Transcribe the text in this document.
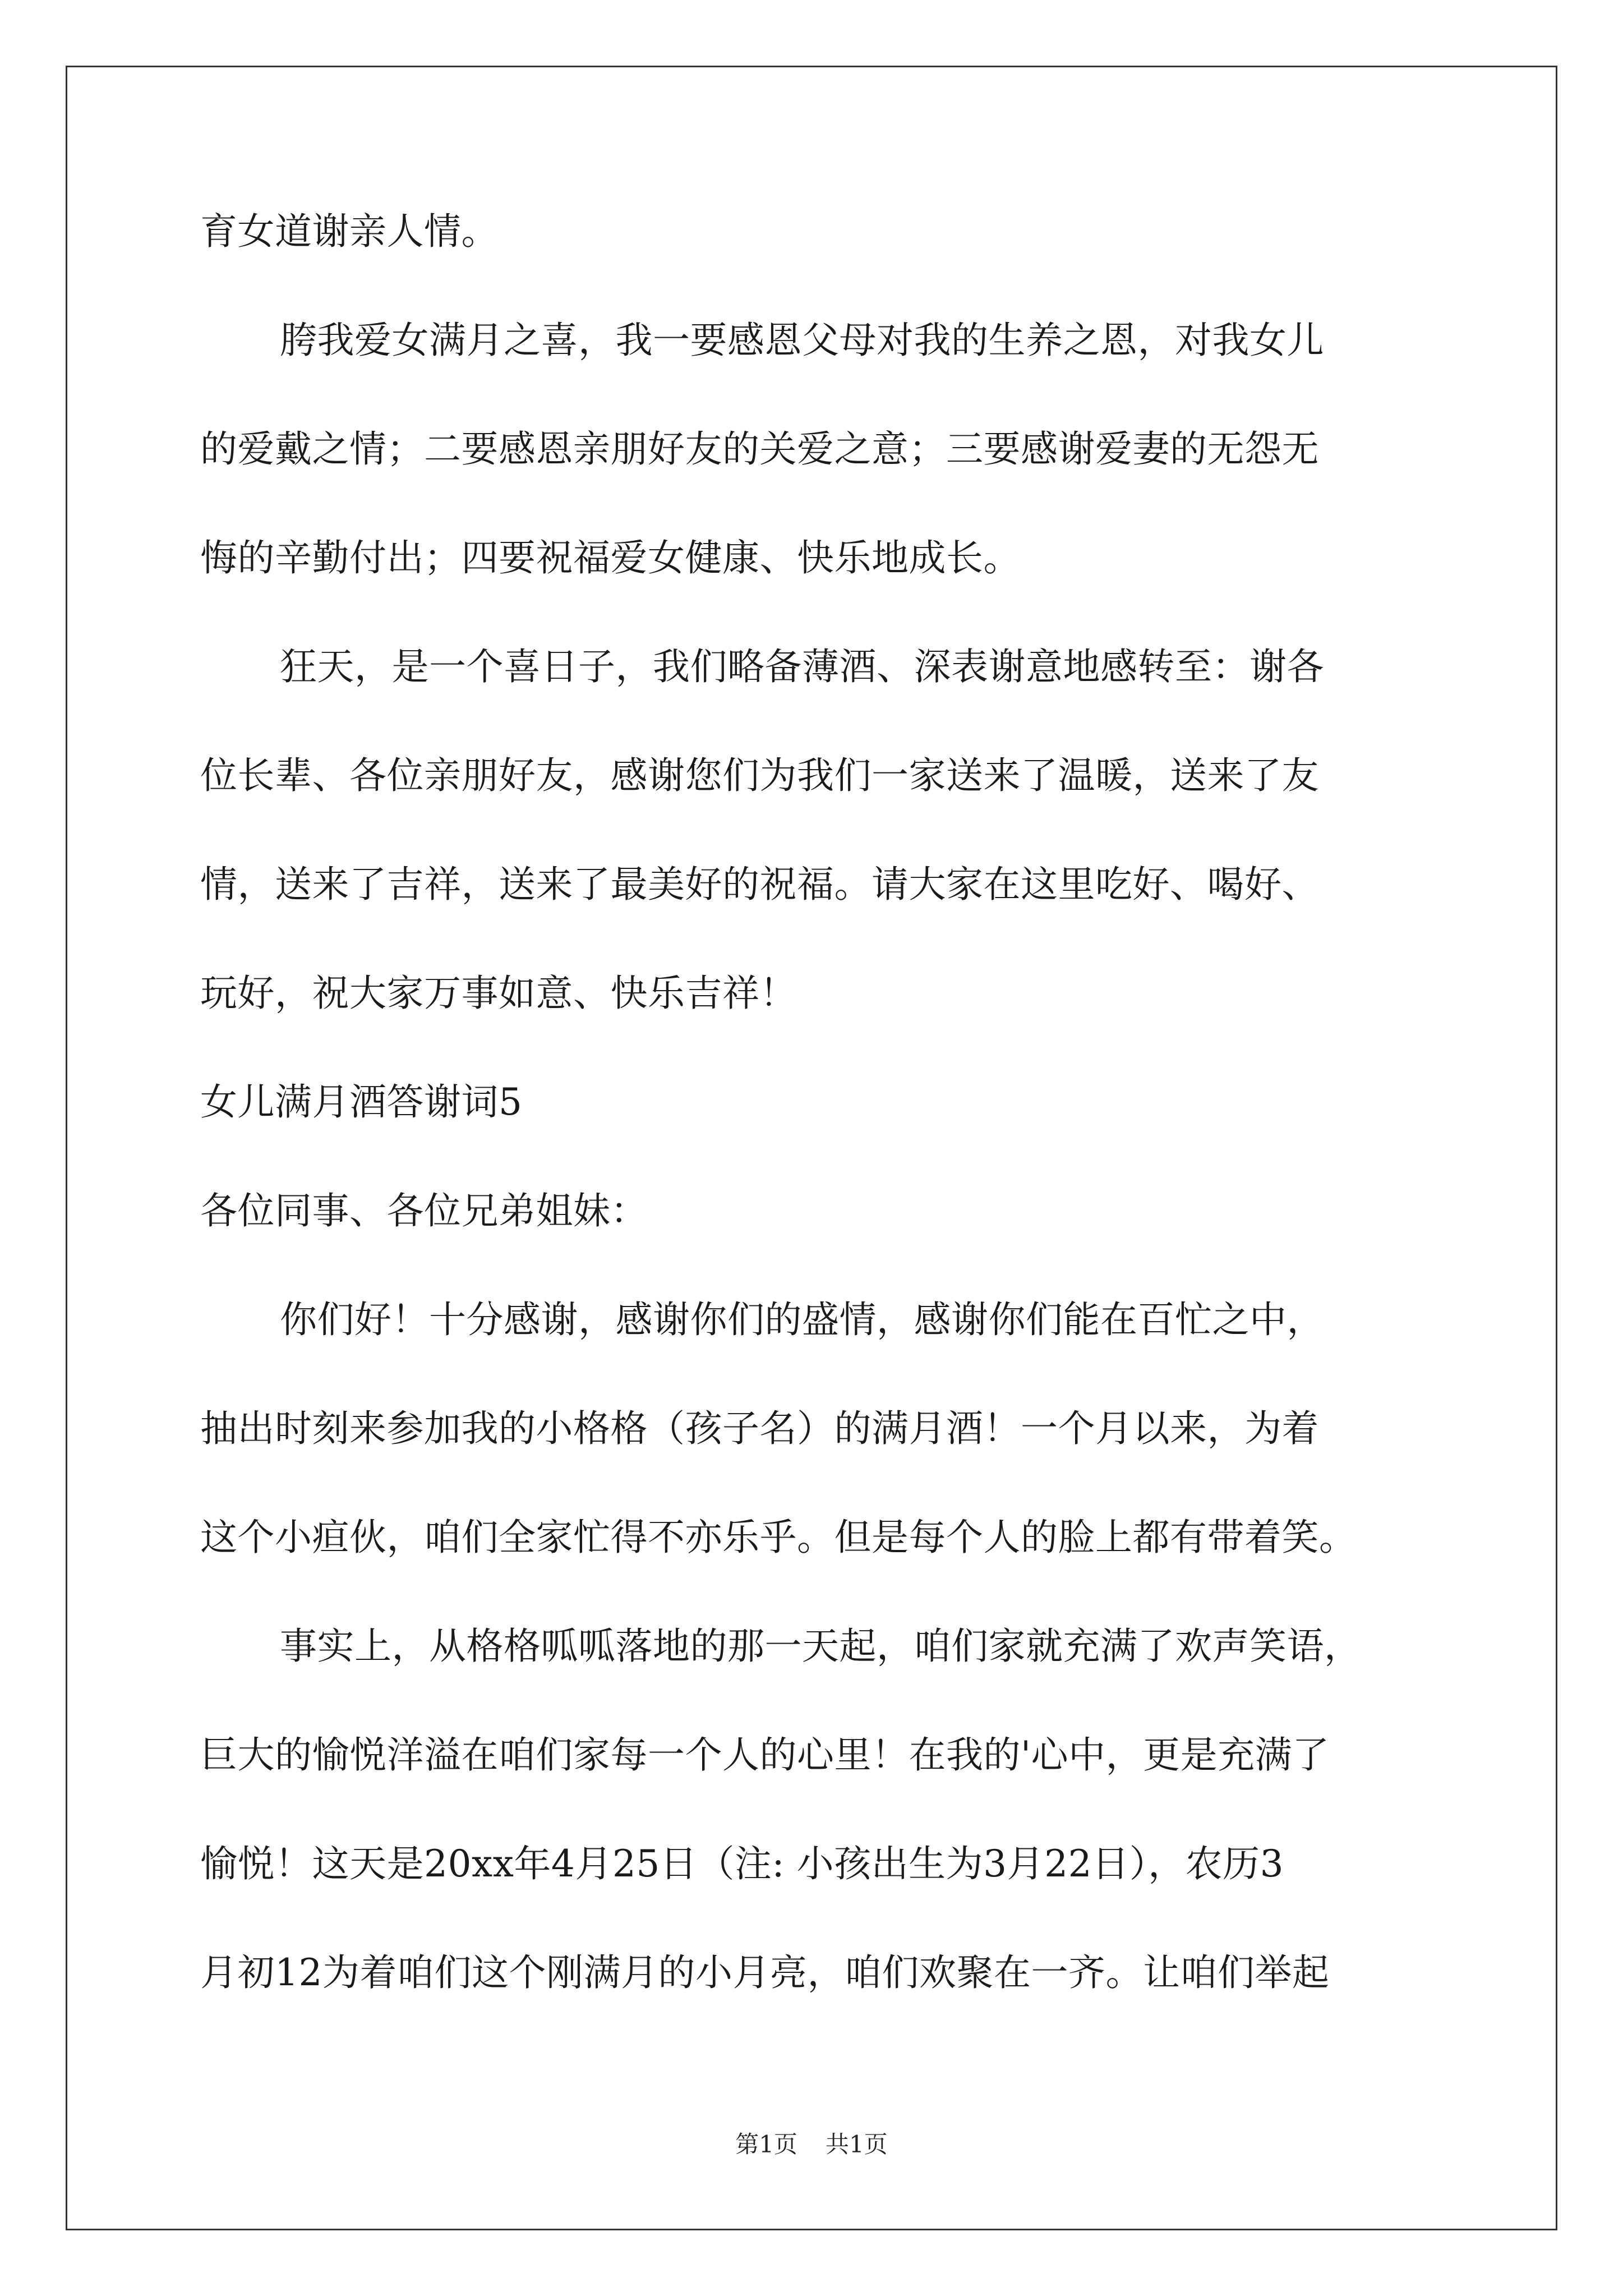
育女道谢亲人情。
胯我爱女满月之喜，我一要感恩父母对我的生养之恩，对我女儿
的爱戴之情；二要感恩亲朋好友的关爱之意；三要感谢爱妻的无怨无
悔的辛勤付出；四要祝福爱女健康、快乐地成长。
狂天，是一个喜日子，我们略备薄酒、深表谢意地感转至：谢各
位长辈、各位亲朋好友，感谢您们为我们一家送来了温暖，送来了友
情，送来了吉祥，送来了最美好的祝福。请大家在这里吃好、喝好、
玩好，祝大家万事如意、快乐吉祥！
女儿满月酒答谢词5
各位同事、各位兄弟姐妹：
你们好！十分感谢，感谢你们的盛情，感谢你们能在百忙之中，
抽出时刻来参加我的小格格（孩子名）的满月酒！一个月以来，为着
这个小疸伙，咱们全家忙得不亦乐乎。但是每个人的脸上都有带着笑。
事实上，从格格呱呱落地的那一天起，咱们家就充满了欢声笑语，
巨大的愉悦洋溢在咱们家每一个人的心里！在我的'心中，更是充满了
愉悦！这天是20xx年4月25日（注: 小孩出生为3月22日），农历3
月初12为着咱们这个刚满月的小月亮，咱们欢聚在一齐。让咱们举起
第1页 共1页
